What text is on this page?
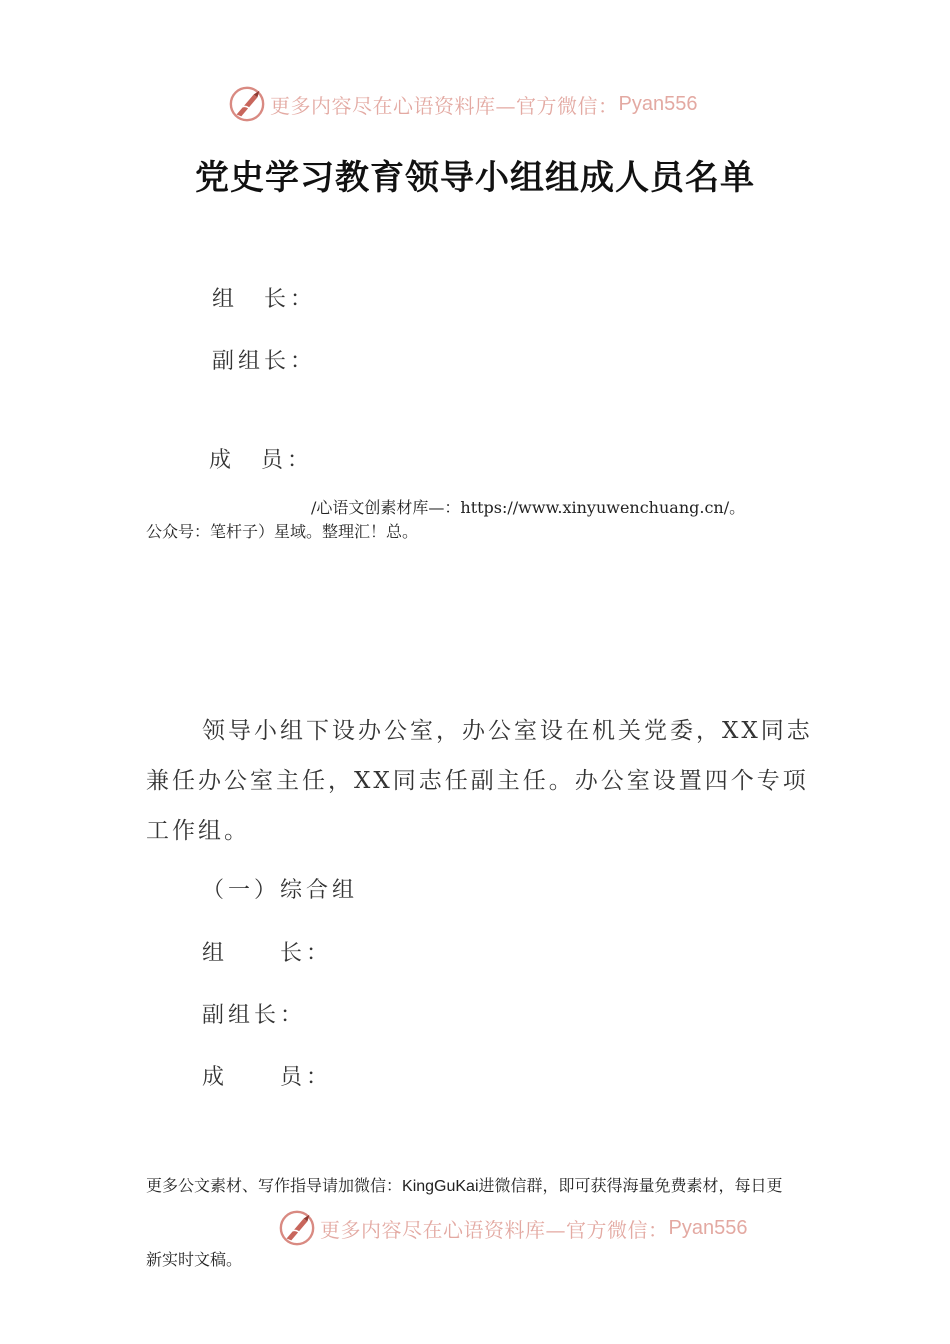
更多内容尽在心语资料库—官方微信： Pyan556
党史学习教育领导小组组成人员名单
组　长：
副组长：
成　员：
/心语文创素材库—：https://www.xinyuwenchuang.cn/。
公众号：笔杆子）星域。整理汇！总。
领导小组下设办公室，办公室设在机关党委，XX同志
兼任办公室主任，XX同志任副主任。办公室设置四个专项
工作组。
（一）综合组
组　　长：
副组长：
成　　员：
更多公文素材、写作指导请加微信：KingGuKai进微信群，即可获得海量免费素材，每日更
更多内容尽在心语资料库—官方微信： Pyan556
新实时文稿。
